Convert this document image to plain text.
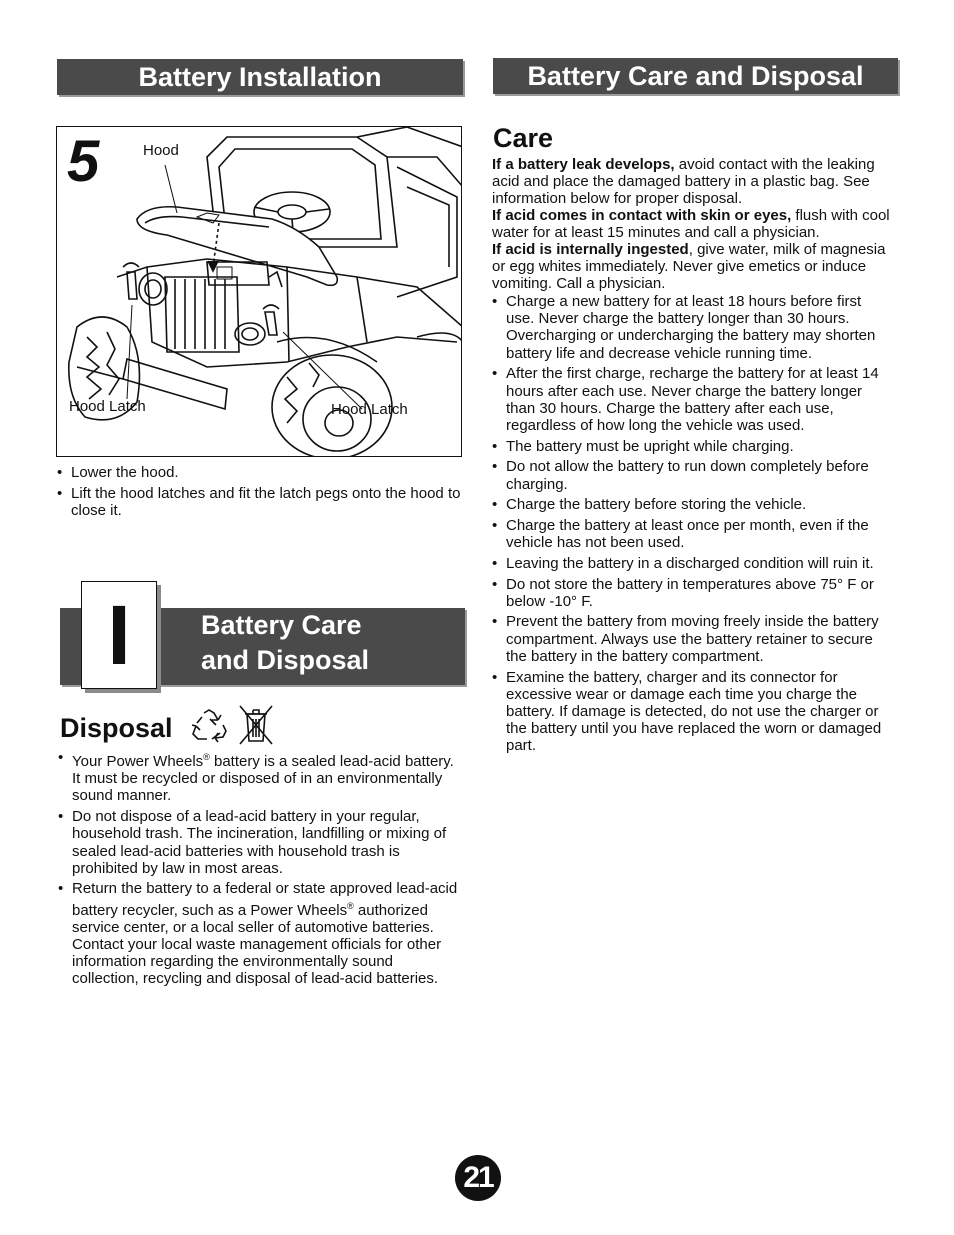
Battery Installation	Battery Care and Disposal
5	Hood
Hood Latch	Hood Latch
• Lower the hood.
• Lift the hood latches and fit the latch pegs onto the hood to close it.
I	Battery Care
and Disposal
Disposal
• Your Power Wheels® battery is a sealed lead-acid battery. It must be recycled or disposed of in an environmentally sound manner.
• Do not dispose of a lead-acid battery in your regular, household trash. The incineration, landfilling or mixing of sealed lead-acid batteries with household trash is prohibited by law in most areas.
• Return the battery to a federal or state approved lead-acid battery recycler, such as a Power Wheels® authorized service center, or a local seller of automotive batteries. Contact your local waste management officials for other information regarding the environmentally sound collection, recycling and disposal of lead-acid batteries.
Care

If a battery leak develops, avoid contact with the leaking acid and place the damaged battery in a plastic bag. See information below for proper disposal.

If acid comes in contact with skin or eyes, flush with cool water for at least 15 minutes and call a physician.

If acid is internally ingested, give water, milk of magnesia or egg whites immediately. Never give emetics or induce vomiting. Call a physician.

• Charge a new battery for at least 18 hours before first use. Never charge the battery longer than 30 hours. Overcharging or undercharging the battery may shorten battery life and decrease vehicle running time.
• After the first charge, recharge the battery for at least 14 hours after each use. Never charge the battery longer than 30 hours. Charge the battery after each use, regardless of how long the vehicle was used.
• The battery must be upright while charging.
• Do not allow the battery to run down completely before charging.
• Charge the battery before storing the vehicle.
• Charge the battery at least once per month, even if the vehicle has not been used.
• Leaving the battery in a discharged condition will ruin it.
• Do not store the battery in temperatures above 75° F or below -10° F.
• Prevent the battery from moving freely inside the battery compartment. Always use the battery retainer to secure the battery in the battery compartment.
• Examine the battery, charger and its connector for excessive wear or damage each time you charge the battery. If damage is detected, do not use the charger or the battery until you have replaced the worn or damaged part.
21
